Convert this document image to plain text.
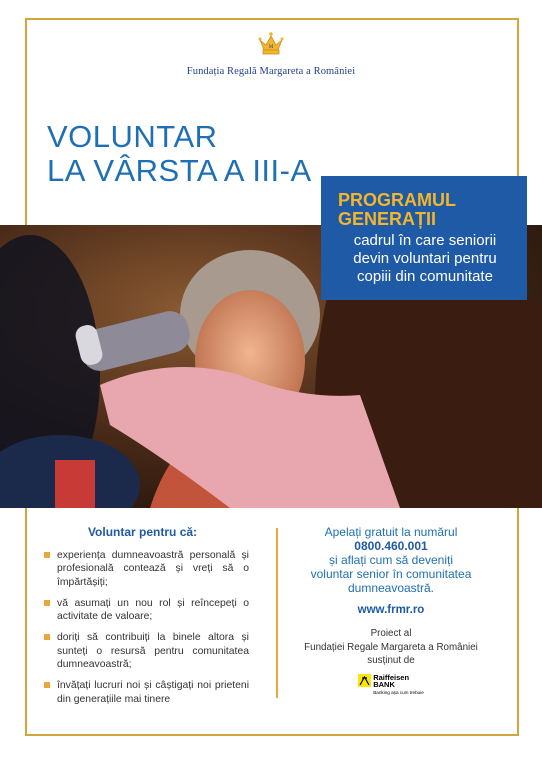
M
Fundația Regală Margareta a României
VOLUNTAR
LA VÂRSTA A III-A
PROGRAMUL
GENERAȚII
cadrul în care seniorii
devin voluntari pentru
copiii din comunitate
Voluntar pentru că:
experiența dumneavoastră personală și profesională contează și vreți să o împărtășiți;
vă asumați un nou rol și reîncepeți o activitate de valoare;
doriți să contribuiți la binele altora și sunteți o resursă pentru comunitatea dumneavoastră;
învățați lucruri noi și câștigați noi prieteni din generațiile mai tinere
Apelați gratuit la numărul
0800.460.001
și aflați cum să deveniți
voluntar senior în comunitatea
dumneavoastră.
www.frmr.ro
Proiect al
Fundației Regale Margareta a României
susținut de
Raiffeisen
BANK
Banking așa cum trebuie
